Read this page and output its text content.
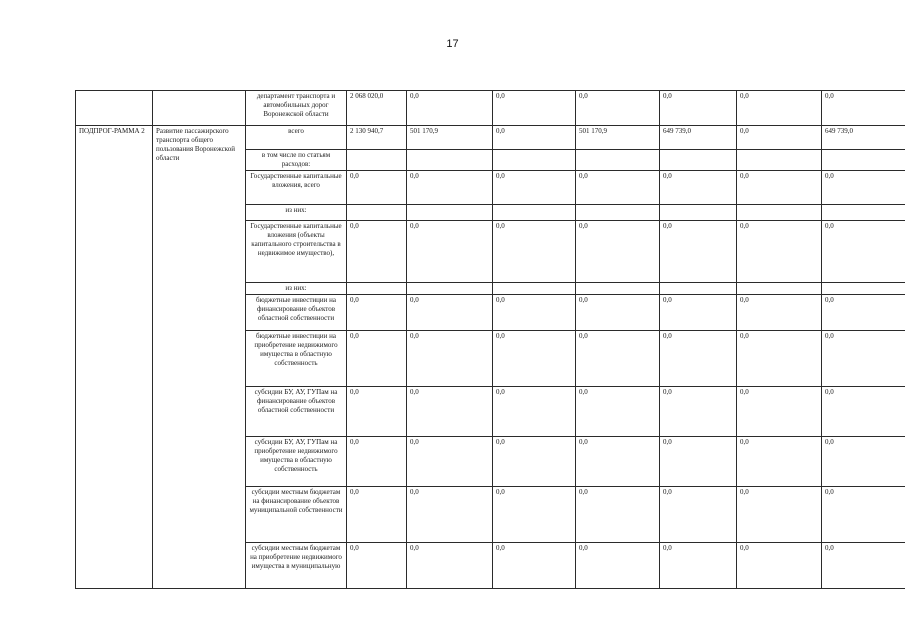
17
		департамент транспорта и автомобильных дорог Воронежской области	2 068 020,0	0,0	0,0	0,0	0,0	0,0	0,0
ПОДПРОГ-РАММА 2	Развитие пассажирского транспорта общего пользования Воронежской области	всего	2 130 940,7	501 170,9	0,0	501 170,9	649 739,0	0,0	649 739,0
		в том числе по статьям расходов:							
		Государственные капитальные вложения, всего	0,0	0,0	0,0	0,0	0,0	0,0	0,0
		из них:							
		Государственные капитальные вложения (объекты капитального строительства в недвижимое имущество),	0,0	0,0	0,0	0,0	0,0	0,0	0,0
		из них:							
		бюджетные инвестиции на финансирование объектов областной собственности	0,0	0,0	0,0	0,0	0,0	0,0	0,0
		бюджетные инвестиции на приобретение недвижимого имущества в областную собственность	0,0	0,0	0,0	0,0	0,0	0,0	0,0
		субсидии БУ, АУ, ГУПам на финансирование объектов областной собственности	0,0	0,0	0,0	0,0	0,0	0,0	0,0
		субсидии БУ, АУ, ГУПам на приобретение недвижимого имущества в областную собственность	0,0	0,0	0,0	0,0	0,0	0,0	0,0
		субсидии местным бюджетам на финансирование объектов муниципальной собственности	0,0	0,0	0,0	0,0	0,0	0,0	0,0
		субсидии местным бюджетам на приобретение недвижимого имущества в муниципальную	0,0	0,0	0,0	0,0	0,0	0,0	0,0
